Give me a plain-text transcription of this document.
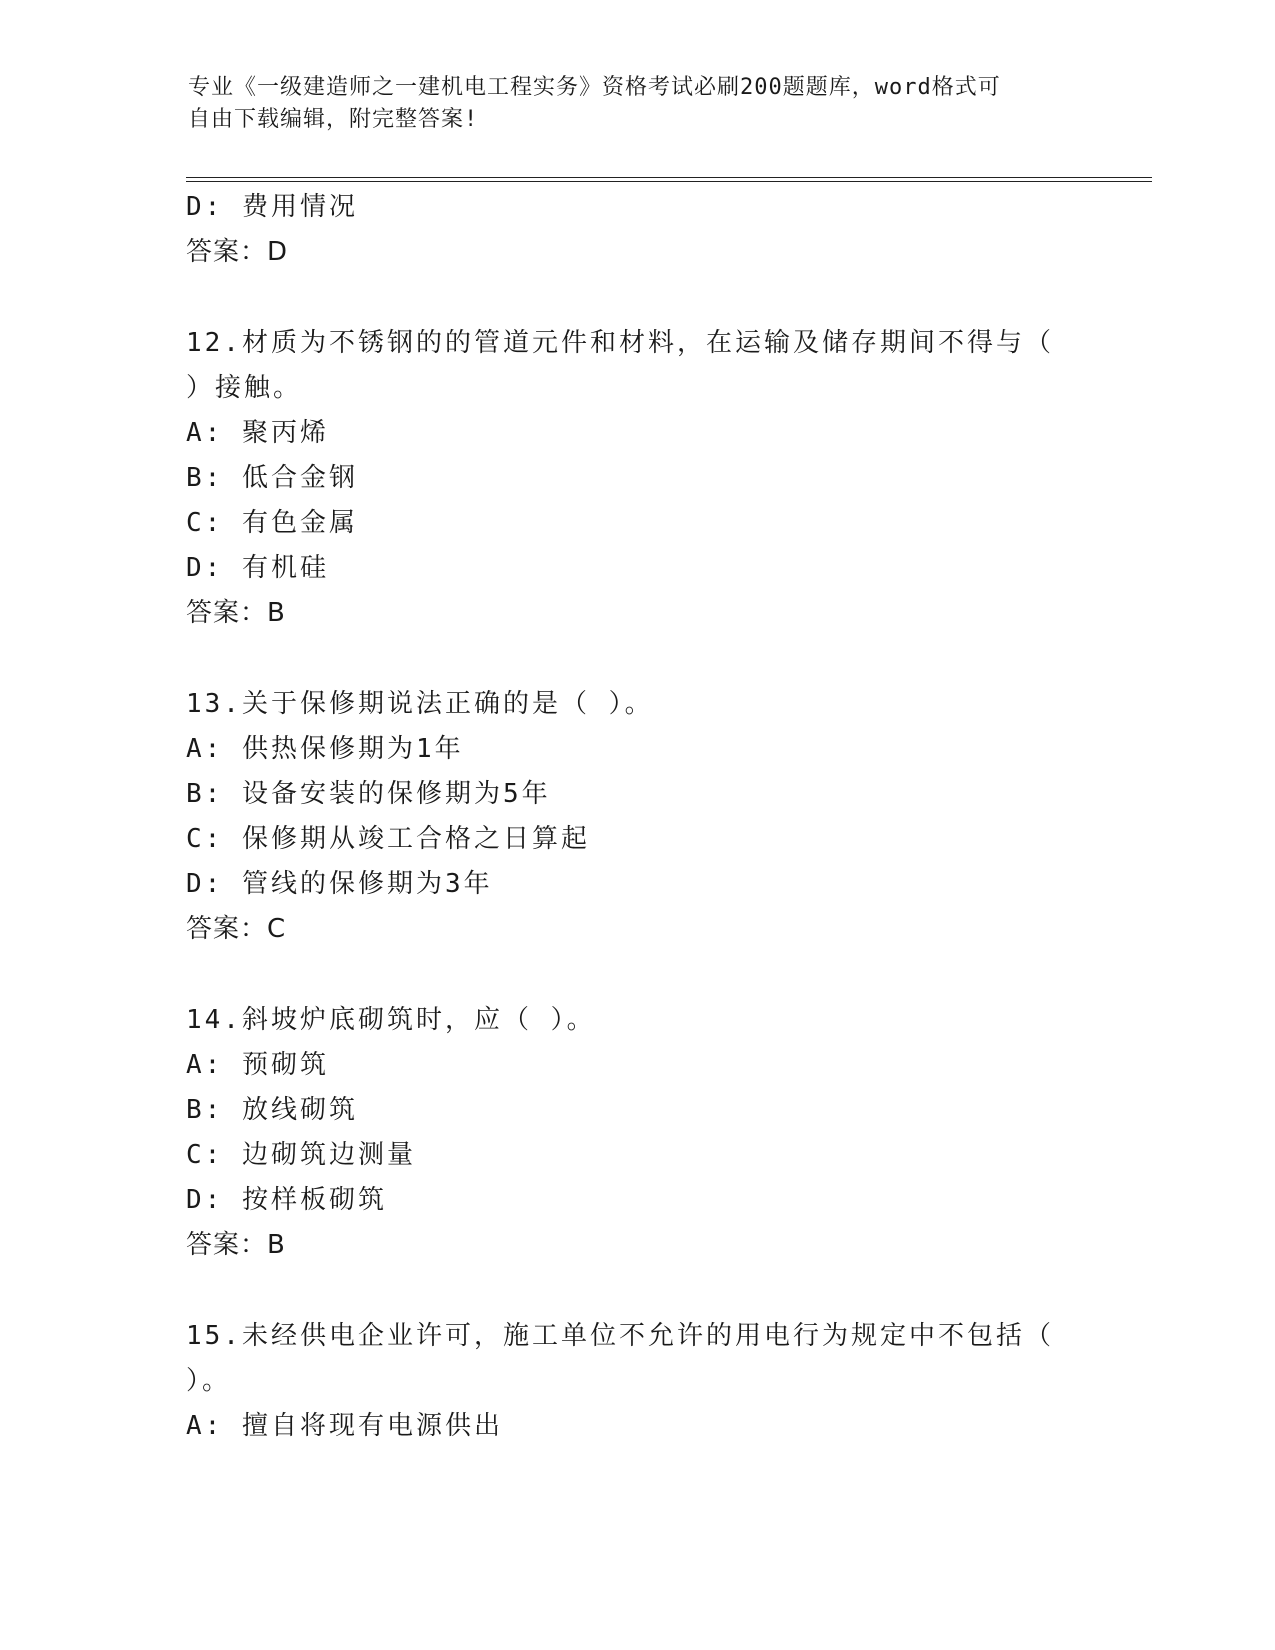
专业《一级建造师之一建机电工程实务》资格考试必刷200题题库，word格式可
自由下载编辑，附完整答案!
D: 费用情况
答案：D
12.材质为不锈钢的的管道元件和材料，在运输及储存期间不得与（
）接触。
A: 聚丙烯
B: 低合金钢
C: 有色金属
D: 有机硅
答案：B
13.关于保修期说法正确的是（ ）。
A: 供热保修期为1年
B: 设备安装的保修期为5年
C: 保修期从竣工合格之日算起
D: 管线的保修期为3年
答案：C
14.斜坡炉底砌筑时，应（ ）。
A: 预砌筑
B: 放线砌筑
C: 边砌筑边测量
D: 按样板砌筑
答案：B
15.未经供电企业许可，施工单位不允许的用电行为规定中不包括（
）。
A: 擅自将现有电源供出
